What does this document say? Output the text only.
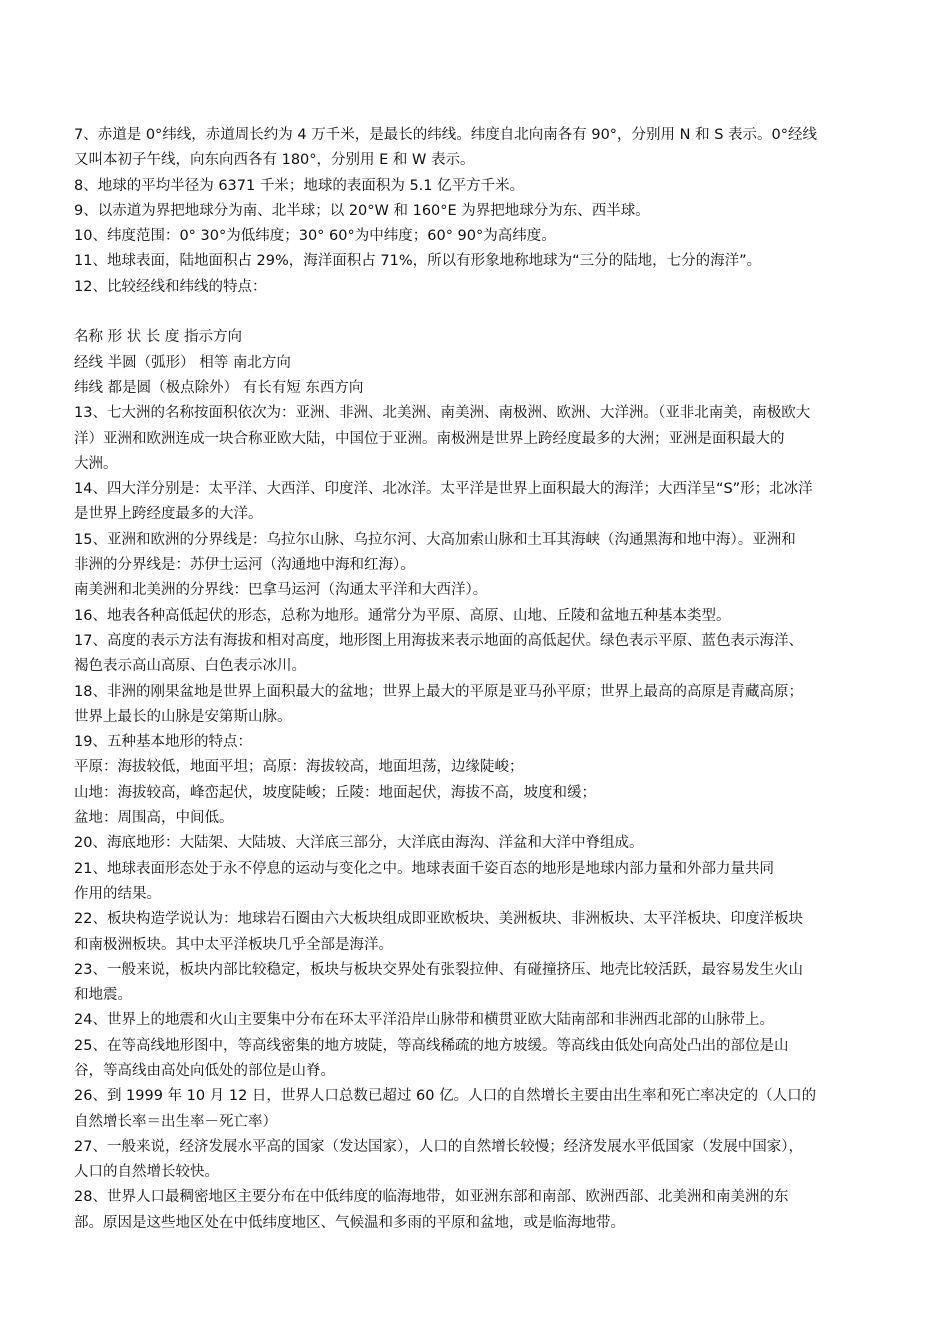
7、赤道是 0°纬线，赤道周长约为 4 万千米，是最长的纬线。纬度自北向南各有 90°，分别用 N 和 S 表示。0°经线
又叫本初子午线，向东向西各有 180°，分别用 E 和 W 表示。
8、地球的平均半径为 6371 千米；地球的表面积为 5.1 亿平方千米。
9、以赤道为界把地球分为南、北半球；以 20°W 和 160°E 为界把地球分为东、西半球。
10、纬度范围：0° 30°为低纬度；30° 60°为中纬度；60° 90°为高纬度。
11、地球表面，陆地面积占 29%，海洋面积占 71%，所以有形象地称地球为“三分的陆地，七分的海洋”。
12、比较经线和纬线的特点：
名称 形 状 长 度 指示方向
经线 半圆（弧形） 相等 南北方向
纬线 都是圆（极点除外） 有长有短 东西方向
13、七大洲的名称按面积依次为：亚洲、非洲、北美洲、南美洲、南极洲、欧洲、大洋洲。（亚非北南美，南极欧大
洋）亚洲和欧洲连成一块合称亚欧大陆，中国位于亚洲。南极洲是世界上跨经度最多的大洲；亚洲是面积最大的
大洲。
14、四大洋分别是：太平洋、大西洋、印度洋、北冰洋。太平洋是世界上面积最大的海洋；大西洋呈“S”形；北冰洋
是世界上跨经度最多的大洋。
15、亚洲和欧洲的分界线是：乌拉尔山脉、乌拉尔河、大高加索山脉和土耳其海峡（沟通黑海和地中海）。亚洲和
非洲的分界线是：苏伊士运河（沟通地中海和红海）。
南美洲和北美洲的分界线：巴拿马运河（沟通太平洋和大西洋）。
16、地表各种高低起伏的形态，总称为地形。通常分为平原、高原、山地、丘陵和盆地五种基本类型。
17、高度的表示方法有海拔和相对高度，地形图上用海拔来表示地面的高低起伏。绿色表示平原、蓝色表示海洋、
褐色表示高山高原、白色表示冰川。
18、非洲的刚果盆地是世界上面积最大的盆地；世界上最大的平原是亚马孙平原；世界上最高的高原是青藏高原；
世界上最长的山脉是安第斯山脉。
19、五种基本地形的特点：
平原：海拔较低，地面平坦；高原：海拔较高，地面坦荡，边缘陡峻；
山地：海拔较高，峰峦起伏，坡度陡峻；丘陵：地面起伏，海拔不高，坡度和缓；
盆地：周围高，中间低。
20、海底地形：大陆架、大陆坡、大洋底三部分，大洋底由海沟、洋盆和大洋中脊组成。
21、地球表面形态处于永不停息的运动与变化之中。地球表面千姿百态的地形是地球内部力量和外部力量共同
作用的结果。
22、板块构造学说认为：地球岩石圈由六大板块组成即亚欧板块、美洲板块、非洲板块、太平洋板块、印度洋板块
和南极洲板块。其中太平洋板块几乎全部是海洋。
23、一般来说，板块内部比较稳定，板块与板块交界处有张裂拉伸、有碰撞挤压、地壳比较活跃，最容易发生火山
和地震。
24、世界上的地震和火山主要集中分布在环太平洋沿岸山脉带和横贯亚欧大陆南部和非洲西北部的山脉带上。
25、在等高线地形图中，等高线密集的地方坡陡，等高线稀疏的地方坡缓。等高线由低处向高处凸出的部位是山
谷，等高线由高处向低处的部位是山脊。
26、到 1999 年 10 月 12 日，世界人口总数已超过 60 亿。人口的自然增长主要由出生率和死亡率决定的（人口的
自然增长率＝出生率－死亡率）
27、一般来说，经济发展水平高的国家（发达国家），人口的自然增长较慢；经济发展水平低国家（发展中国家），
人口的自然增长较快。
28、世界人口最稠密地区主要分布在中低纬度的临海地带，如亚洲东部和南部、欧洲西部、北美洲和南美洲的东
部。原因是这些地区处在中低纬度地区、气候温和多雨的平原和盆地，或是临海地带。
